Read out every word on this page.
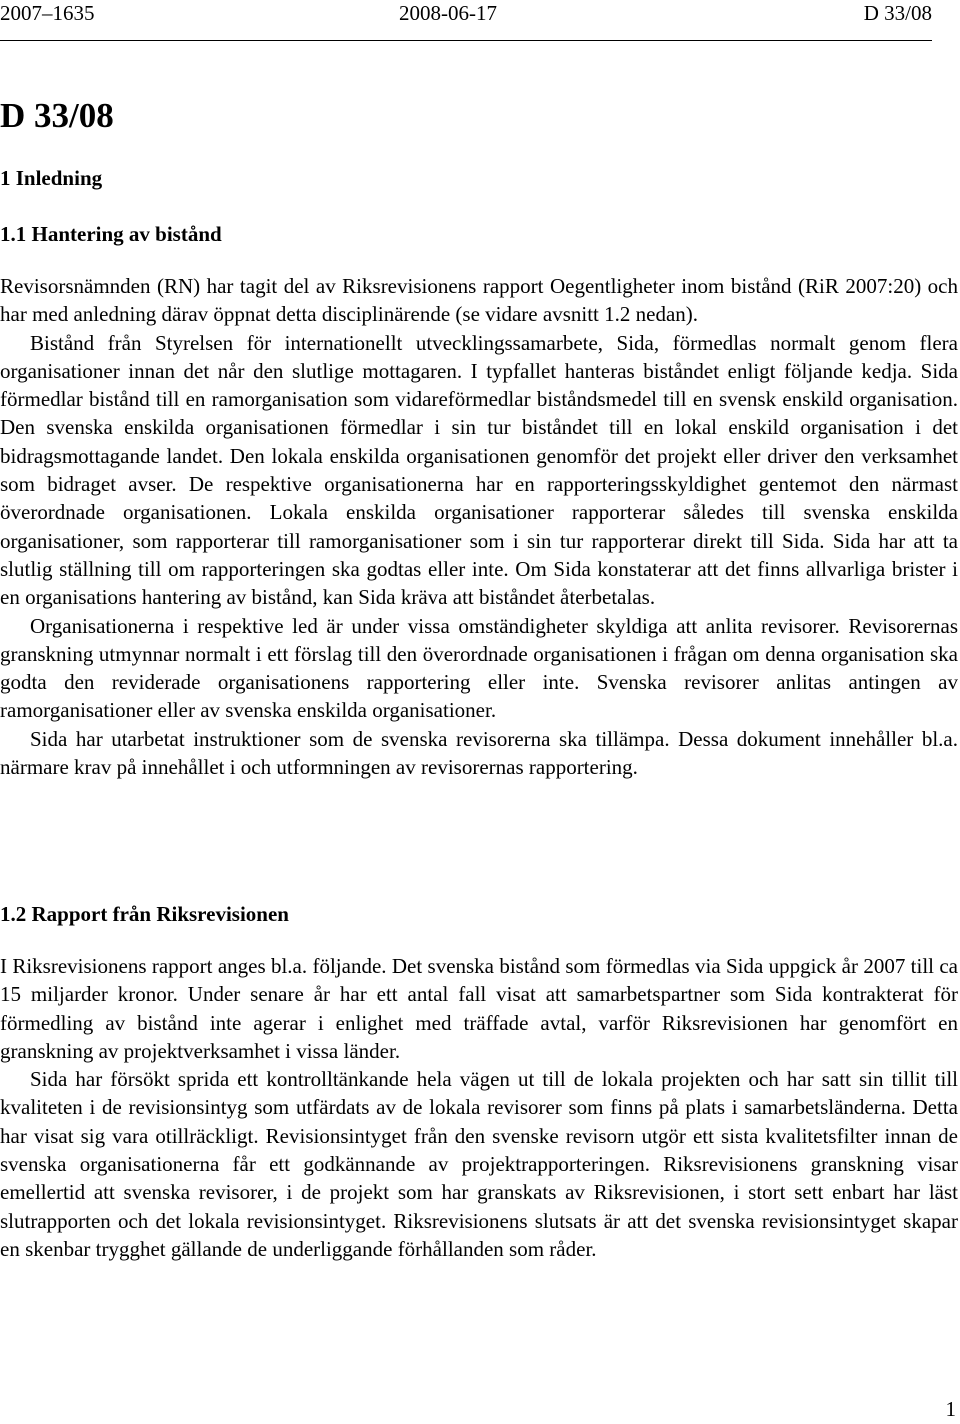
2007–1635	2008-06-17	D 33/08
D 33/08
1 Inledning
1.1 Hantering av bistånd

Revisorsnämnden (RN) har tagit del av Riksrevisionens rapport Oegentligheter inom bistånd (RiR 2007:20) och har med anledning därav öppnat detta disciplinärende (se vidare avsnitt 1.2 nedan).

Bistånd från Styrelsen för internationellt utvecklingssamarbete, Sida, förmedlas normalt genom flera organisationer innan det når den slutlige mottagaren. I typfallet hanteras biståndet enligt följande kedja. Sida förmedlar bistånd till en ramorganisation som vidareförmedlar biståndsmedel till en svensk enskild organisation. Den svenska enskilda organisationen förmedlar i sin tur biståndet till en lokal enskild organisation i det bidragsmottagande landet. Den lokala enskilda organisationen genomför det projekt eller driver den verksamhet som bidraget avser. De respektive organisationerna har en rapporteringsskyldighet gentemot den närmast överordnade organisationen. Lokala enskilda organisationer rapporterar således till svenska enskilda organisationer, som rapporterar till ramorganisationer som i sin tur rapporterar direkt till Sida. Sida har att ta slutlig ställning till om rapporteringen ska godtas eller inte. Om Sida konstaterar att det finns allvarliga brister i en organisations hantering av bistånd, kan Sida kräva att biståndet återbetalas.

Organisationerna i respektive led är under vissa omständigheter skyldiga att anlita revisorer. Revisorernas granskning utmynnar normalt i ett förslag till den överordnade organisationen i frågan om denna organisation ska godta den reviderade organisationens rapportering eller inte. Svenska revisorer anlitas antingen av ramorganisationer eller av svenska enskilda organisationer.

Sida har utarbetat instruktioner som de svenska revisorerna ska tillämpa. Dessa dokument innehåller bl.a. närmare krav på innehållet i och utformningen av revisorernas rapportering.

1.2 Rapport från Riksrevisionen

I Riksrevisionens rapport anges bl.a. följande. Det svenska bistånd som förmedlas via Sida uppgick år 2007 till ca 15 miljarder kronor. Under senare år har ett antal fall visat att samarbetspartner som Sida kontrakterat för förmedling av bistånd inte agerar i enlighet med träffade avtal, varför Riksrevisionen har genomfört en granskning av projektverksamhet i vissa länder.

Sida har försökt sprida ett kontrolltänkande hela vägen ut till de lokala projekten och har satt sin tillit till kvaliteten i de revisionsintyg som utfärdats av de lokala revisorer som finns på plats i samarbetsländerna. Detta har visat sig vara otillräckligt. Revisionsintyget från den svenske revisorn utgör ett sista kvalitetsfilter innan de svenska organisationerna får ett godkännande av projektrapporteringen. Riksrevisionens granskning visar emellertid att svenska revisorer, i de projekt som har granskats av Riksrevisionen, i stort sett enbart har läst slutrapporten och det lokala revisionsintyget. Riksrevisionens slutsats är att det svenska revisionsintyget skapar en skenbar trygghet gällande de underliggande förhållanden som råder.

1
